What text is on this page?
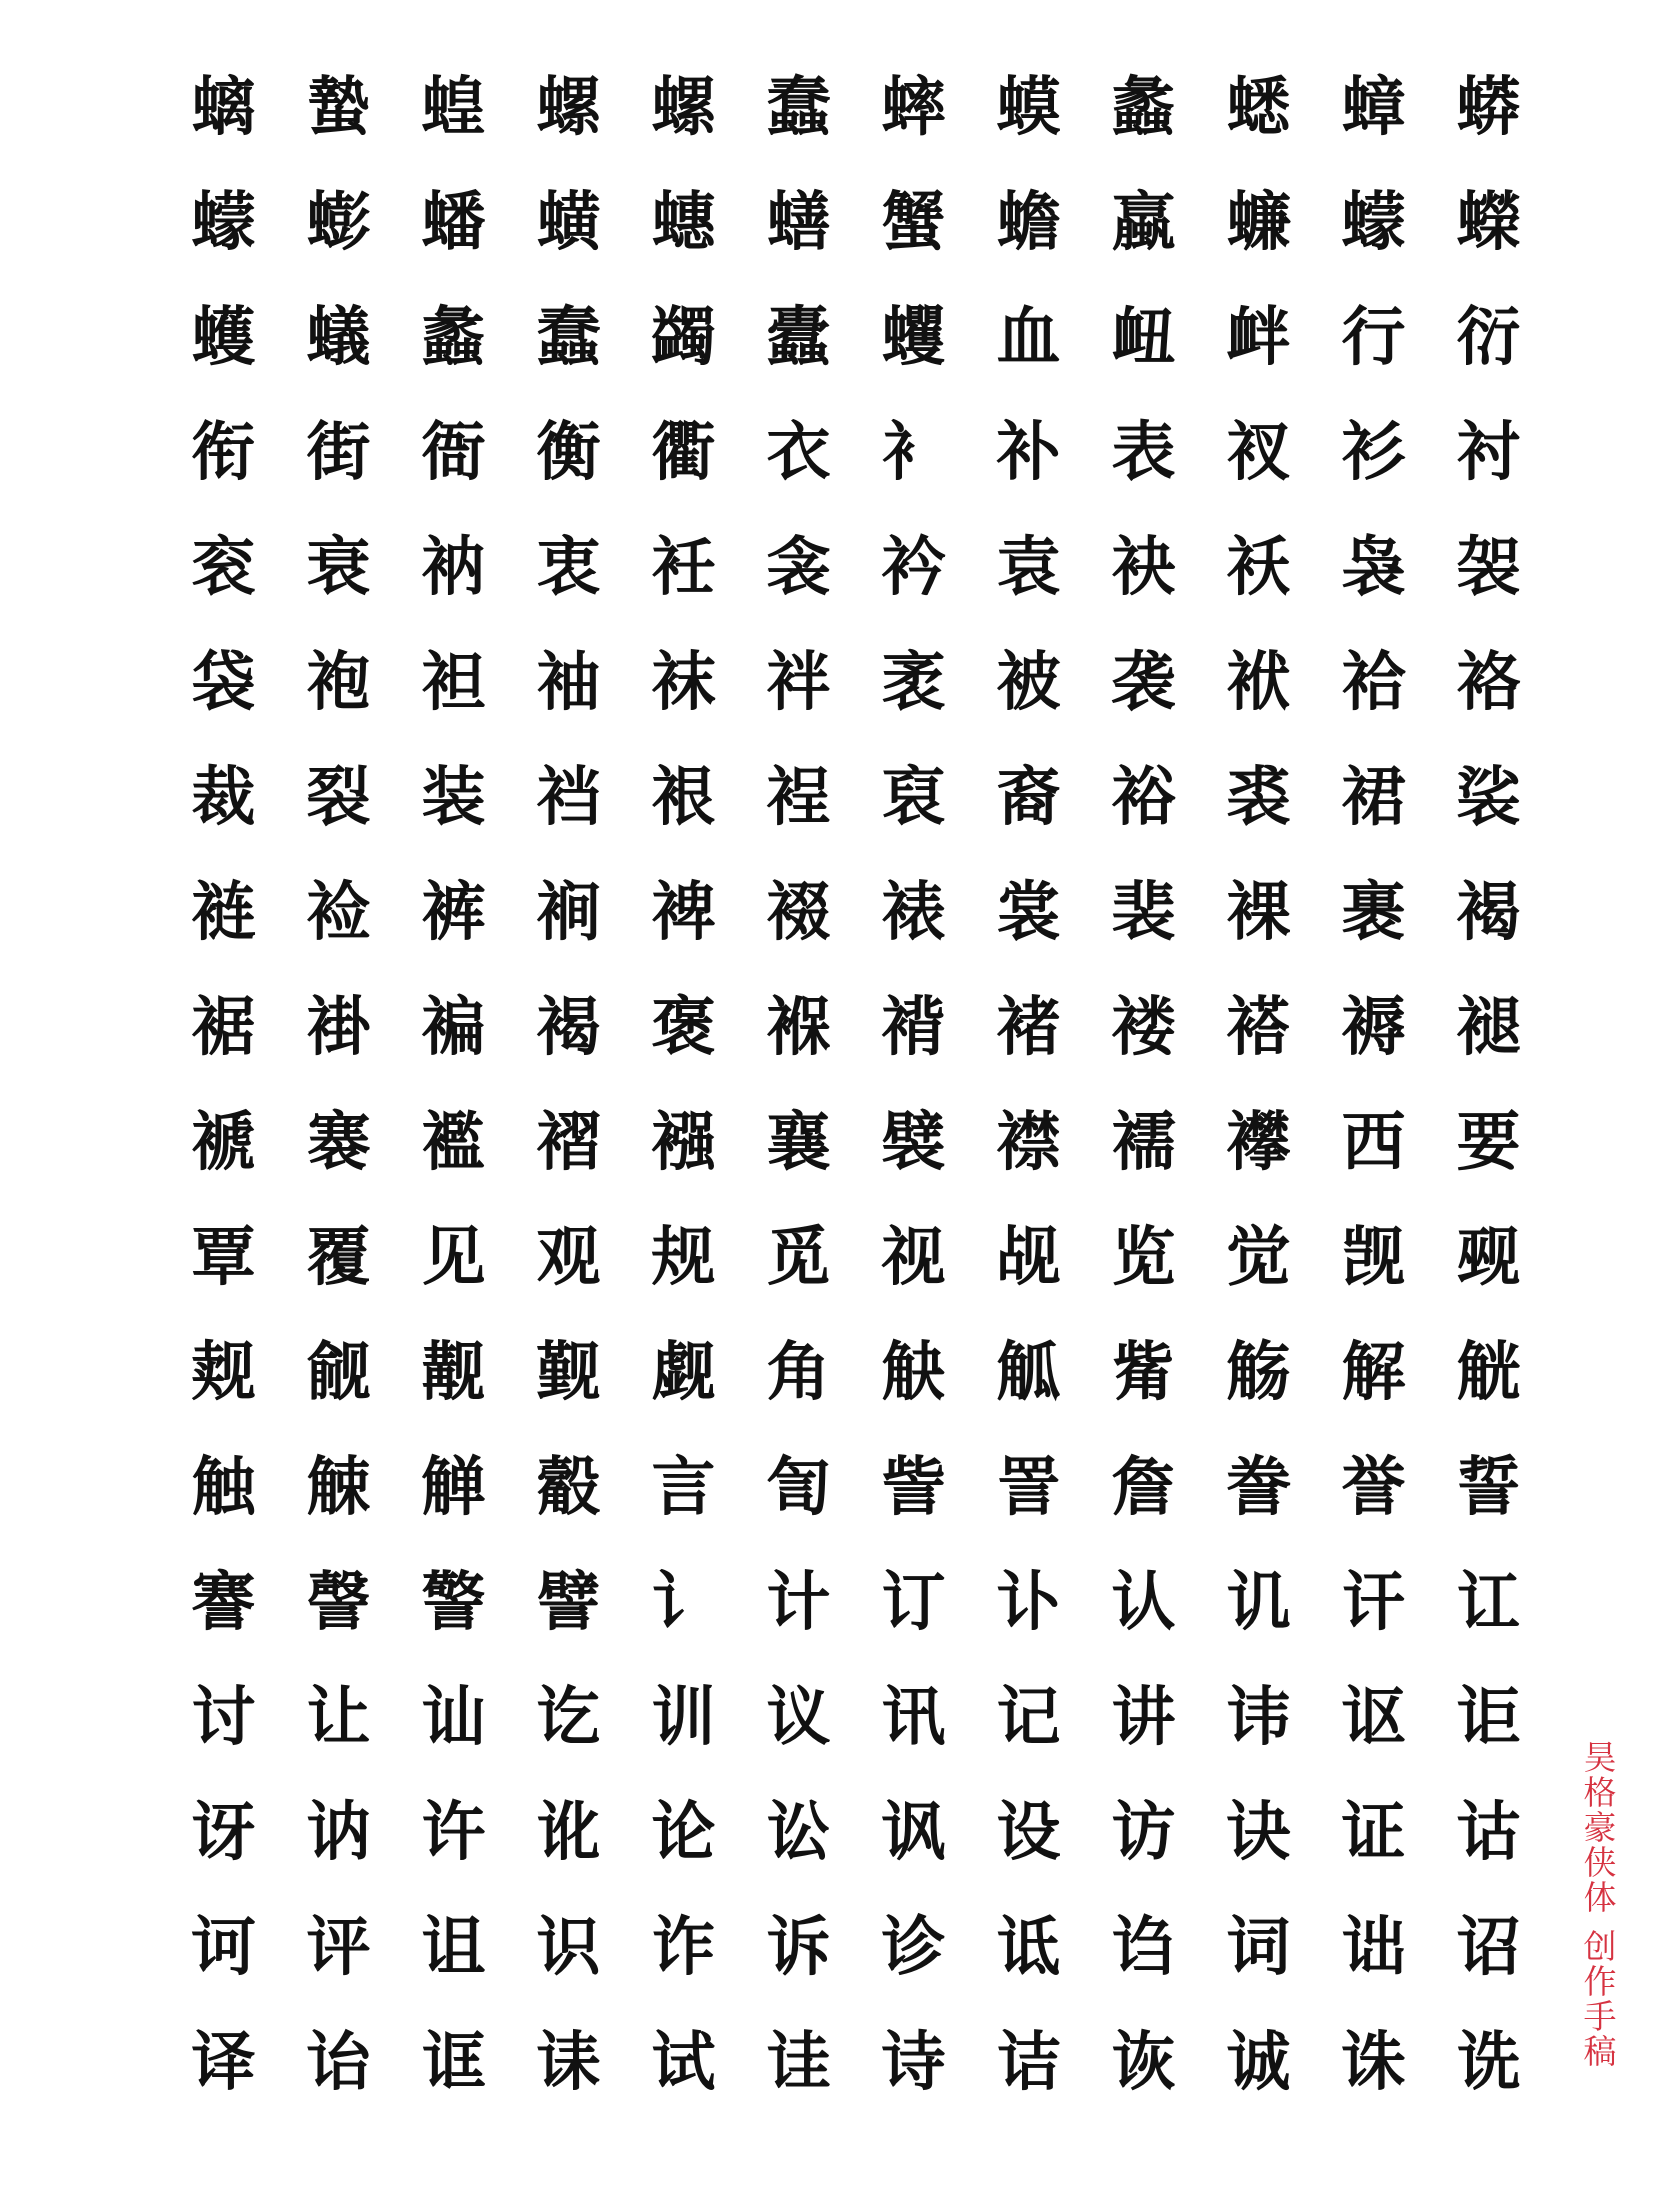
螭 蟄 蝗 螺 螺 蠢 蟀 蟆 蠡 蟋 蟑 蟒
蠓 蟛 蟠 蟥 蟪 蟮 蟹 蟾 蠃 蠊 蠓 蠑
蠖 蟻 蠡 蠢 蠲 蠹 蠼 血 衄 衅 行 衍
衔 街 衙 衡 衢 衣 衤 补 表 衩 衫 衬
衮 衰 衲 衷 衽 衾 衿 袁 袂 袄 袅 袈
袋 袍 袒 袖 袜 袢 袤 被 袭 袱 袷 袼
裁 裂 装 裆 裉 裎 裒 裔 裕 裘 裙 裟
裢 裣 裤 裥 裨 裰 裱 裳 裴 裸 裹 褐
裾 褂 褊 褐 褒 褓 褙 褚 褛 褡 褥 褪
褫 褰 襤 褶 襁 襄 襞 襟 襦 襻 西 要
覃 覆 见 观 规 觅 视 觇 览 觉 觊 觋
觌 觎 觏 觐 觑 角 觖 觚 觜 觞 解 觥
触 觫 觯 觳 言 訇 訾 詈 詹 誊 誉 誓
謇 謦 警 譬 讠 计 订 讣 认 讥 讦 讧
讨 让 讪 讫 训 议 讯 记 讲 讳 讴 讵
讶 讷 许 讹 论 讼 讽 设 访 诀 证 诂
诃 评 诅 识 诈 诉 诊 诋 诌 词 诎 诏
译 诒 诓 诔 试 诖 诗 诘 诙 诚 诛 诜
昊格豪侠体
创作手稿
